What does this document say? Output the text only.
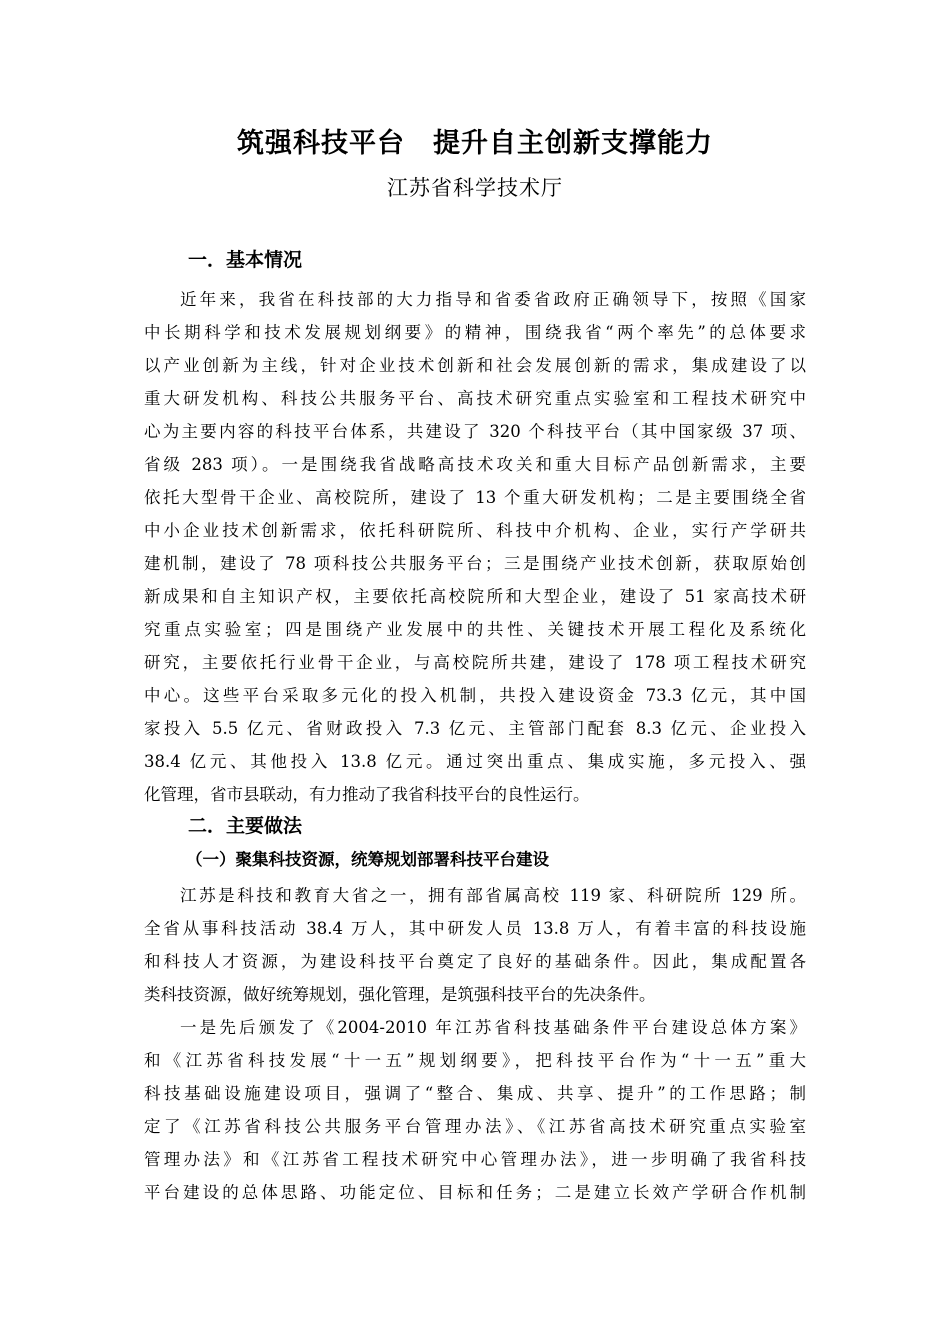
筑强科技平台　提升自主创新支撑能力
江苏省科学技术厅
一．基本情况
近年来，我省在科技部的大力指导和省委省政府正确领导下，按照《国家
中长期科学和技术发展规划纲要》的精神，围绕我省“两个率先”的总体要求
以产业创新为主线，针对企业技术创新和社会发展创新的需求，集成建设了以
重大研发机构、科技公共服务平台、高技术研究重点实验室和工程技术研究中
心为主要内容的科技平台体系，共建设了 320 个科技平台（其中国家级 37 项、
省级 283 项）。一是围绕我省战略高技术攻关和重大目标产品创新需求，主要
依托大型骨干企业、高校院所，建设了 13 个重大研发机构；二是主要围绕全省
中小企业技术创新需求，依托科研院所、科技中介机构、企业，实行产学研共
建机制，建设了 78 项科技公共服务平台；三是围绕产业技术创新，获取原始创
新成果和自主知识产权，主要依托高校院所和大型企业，建设了 51 家高技术研
究重点实验室；四是围绕产业发展中的共性、关键技术开展工程化及系统化
研究，主要依托行业骨干企业，与高校院所共建，建设了 178 项工程技术研究
中心。这些平台采取多元化的投入机制，共投入建设资金 73.3 亿元，其中国
家投入 5.5 亿元、省财政投入 7.3 亿元、主管部门配套 8.3 亿元、企业投入
38.4 亿元、其他投入 13.8 亿元。通过突出重点、集成实施，多元投入、强
化管理，省市县联动，有力推动了我省科技平台的良性运行。
二．主要做法
（一）聚集科技资源，统筹规划部署科技平台建设
江苏是科技和教育大省之一，拥有部省属高校 119 家、科研院所 129 所。
全省从事科技活动 38.4 万人，其中研发人员 13.8 万人，有着丰富的科技设施
和科技人才资源，为建设科技平台奠定了良好的基础条件。因此，集成配置各
类科技资源，做好统筹规划，强化管理，是筑强科技平台的先决条件。
一是先后颁发了《2004-2010 年江苏省科技基础条件平台建设总体方案》
和《江苏省科技发展“十一五”规划纲要》，把科技平台作为“十一五”重大
科技基础设施建设项目，强调了“整合、集成、共享、提升”的工作思路；制
定了《江苏省科技公共服务平台管理办法》、《江苏省高技术研究重点实验室
管理办法》和《江苏省工程技术研究中心管理办法》，进一步明确了我省科技
平台建设的总体思路、功能定位、目标和任务；二是建立长效产学研合作机制
